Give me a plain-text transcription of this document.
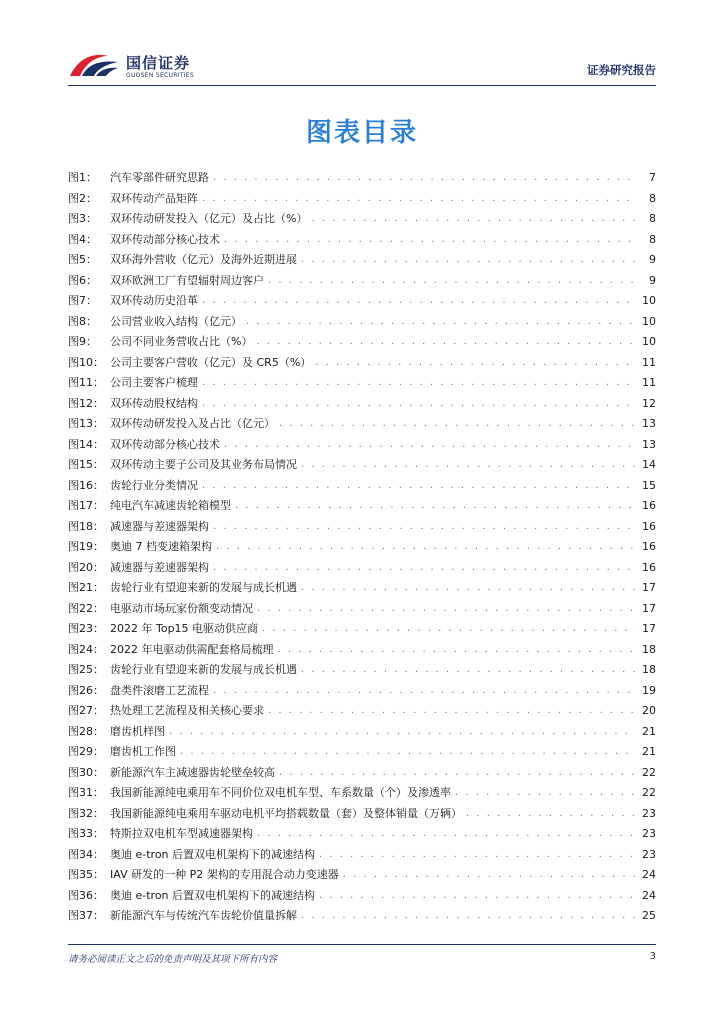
国信证券
GUOSEN SECURITIES	证券研究报告
图表目录
图1：	汽车零部件研究思路 . . .	7
图2：	双环传动产品矩阵 . . .	8
图3：	双环传动研发投入（亿元）及占比（%） . . .	8
图4：	双环传动部分核心技术 . . .	8
图5：	双环海外营收（亿元）及海外近期进展 . . .	9
图6：	双环欧洲工厂有望辐射周边客户 . . .	9
图7：	双环传动历史沿革 . . .	10
图8：	公司营业收入结构（亿元） . . .	10
图9：	公司不同业务营收占比（%） . . .	10
图10： 公司主要客户营收（亿元）及 CR5（%） . . .	11
图11： 公司主要客户梳理 . . .	11
图12： 双环传动股权结构 . . .	12
图13： 双环传动研发投入及占比（亿元） . . .	13
图14： 双环传动部分核心技术 . . .	13
图15： 双环传动主要子公司及其业务布局情况 . . .	14
图16： 齿轮行业分类情况 . . .	15
图17： 纯电汽车减速齿轮箱模型 . . .	16
图18： 减速器与差速器架构 . . .	16
图19： 奥迪 7 档变速箱架构 . . .	16
图20： 减速器与差速器架构 . . .	16
图21： 齿轮行业有望迎来新的发展与成长机遇 . . .	17
图22： 电驱动市场玩家份额变动情况 . . .	17
图23： 2022 年 Top15 电驱动供应商 . . .	17
图24： 2022 年电驱动供需配套格局梳理 . . .	18
图25： 齿轮行业有望迎来新的发展与成长机遇 . . .	18
图26： 盘类件滚磨工艺流程 . . .	19
图27： 热处理工艺流程及相关核心要求 . . .	20
图28： 磨齿机样图 . . .	21
图29： 磨齿机工作图 . . .	21
图30： 新能源汽车主减速器齿轮壁垒较高 . . .	22
图31： 我国新能源纯电乘用车不同价位双电机车型、车系数量（个）及渗透率 . . .	22
图32： 我国新能源纯电乘用车驱动电机平均搭载数量（套）及整体销量（万辆） . . .	23
图33： 特斯拉双电机车型减速器架构 . . .	23
图34： 奥迪 e-tron 后置双电机架构下的减速结构 . . .	23
图35： IAV 研发的一种 P2 架构的专用混合动力变速器 . . .	24
图36： 奥迪 e-tron 后置双电机架构下的减速结构 . . .	24
图37： 新能源汽车与传统汽车齿轮价值量拆解 . . .	25
请务必阅读正文之后的免责声明及其项下所有内容	3
